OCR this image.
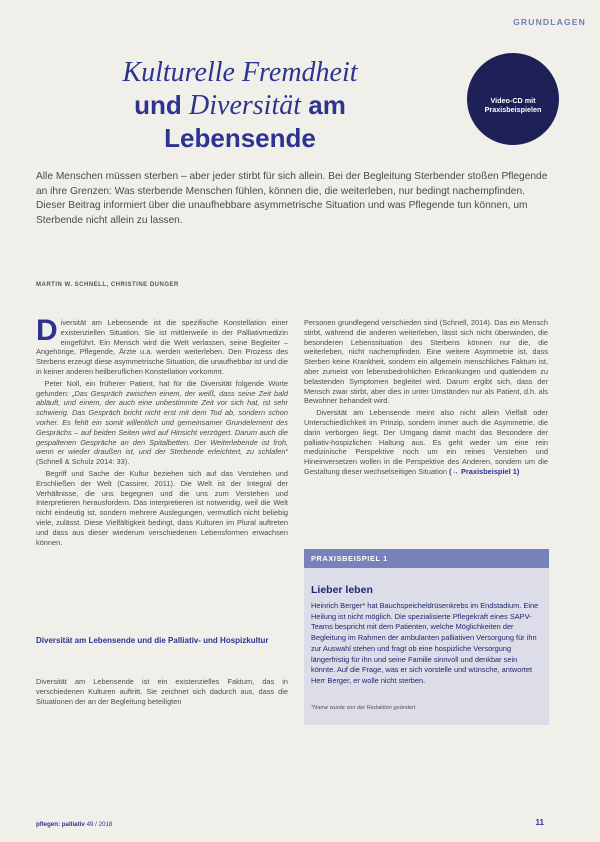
GRUNDLAGEN
Kulturelle Fremdheit
und Diversität am
Lebensende
MATERIAL
Video-CD mit
Praxisbeispielen
Alle Menschen müssen sterben – aber jeder stirbt für sich allein. Bei der Begleitung Sterbender stoßen Pflegende an ihre Grenzen: Was sterbende Menschen fühlen, können die, die weiterleben, nur bedingt nachempfinden. Dieser Beitrag informiert über die unaufhebbare asymmetrische Situation und was Pflegende tun können, um Sterbende nicht allein zu lassen.
MARTIN W. SCHNELL, CHRISTINE DUNGER

Diversität am Lebensende ist die spezifische Konstellation einer existenziellen Situation. Sie ist mittlerweile in der Palliativmedizin eingeführt. Ein Mensch wird die Welt verlassen, seine Begleiter – Angehörige, Pflegende, Ärzte u.a. werden weiterleben. Den Prozess des Sterbens erzeugt diese asymmetrische Situation, die unaufhebbar ist und die in keiner anderen heilberuflichen Konstellation vorkommt.

Peter Noll, ein früherer Patient, hat für die Diversität folgende Worte gefunden: „Das Gespräch zwischen einem, der weiß, dass seine Zeit bald abläuft, und einem, der auch eine unbestimmte Zeit vor sich hat, ist sehr schwierig. Das Gespräch bricht nicht erst mit dem Tod ab, sondern schon vorher. Es fehlt ein somit willentlich und gemeinsamer Grundelement des Gesprächs – auf beiden Seiten wird auf Hinsicht verzögert. Darum auch die gespaltenen Gespräche an den Spitalbetten. Der Weiterlebende ist froh, wenn er wieder draußen ist, und der Sterbende erleichtert, zu schlafen“ (Schnell & Schulz 2014: 33).

Begriff und Sache der Kultur beziehen sich auf das Verstehen und Erschließen der Welt (Cassirer, 2011). Die Welt ist der Integral der Verhältnisse, die uns begegnen und die uns zum Verstehen und Interpretieren herausfordern. Das interpretieren ist notwendig, weil die Welt nicht eindeutig ist, sondern mehrere Auslegungen, vermutlich nicht beliebig viele, zulässt. Diese Vielfältigkeit bedingt, dass Kulturen im Plural auftreten und dass aus dieser wiederum verschiedenen Lebensformen erwachsen können.

Diversität am Lebensende und die Palliativ- und Hospizkultur
Diversität am Lebensende ist ein existenzielles Faktum, das in verschiedenen Kulturen auftritt. Sie zeichnet sich dadurch aus, dass die Situationen der an der Begleitung beteiligten

Personen grundlegend verschieden sind (Schnell, 2014). Das ein Mensch stirbt, während die anderen weiterleben, lässt sich nicht überwinden, die besonderen Lebenssituation des Sterbens können nur die, die weiterleben, nicht nachempfinden. Eine weitere Asymmetrie ist, dass Sterben keine Krankheit, sondern ein allgemein menschliches Faktum ist, aber zumeist von lebensbedrohlichen Erkrankungen und quälendem zu belastenden Symptomen begleitet wird. Darum ergibt sich, dass der Mensch zwar stirbt, aber dies in unter Umständen nur als Patient, d.h. als Bewohner behandelt wird.

Diversität am Lebensende meint also nicht allein Vielfalt oder Unterschiedlichkeit im Prinzip, sondern immer auch die Asymmetrie, die darin verborgen liegt. Der Umgang damit macht das Besondere der palliativ-hospizlichen Haltung aus. Es geht weder um eine rein medizinische Perspektive noch um ein reines Verstehen und Hineinversetzen wollen in die Perspektive des Anderen, sondern um die Gestaltung dieser wechselseitigen Situation (→ Praxisbeispiel 1)

PRAXISBEISPIEL 1
Lieber leben
Heinrich Berger* hat Bauchspeicheldrüsenkrebs im Endstadium. Eine Heilung ist nicht möglich. Die spezialisierte Pflegekraft eines SAPV-Teams bespricht mit dem Patienten, welche Möglichkeiten der Begleitung im Rahmen der ambulanten palliativen Versorgung für ihn zur Auswahl stehen und fragt ob eine hospizliche Versorgung längerfristig für ihn und seine Familie sinnvoll und denkbar sein könnte. Auf die Frage, was er sich vorstelle und wünsche, antwortet Herr Berger, er wolle nicht sterben.
*Name wurde von der Redaktion geändert
pflegen: palliativ 49 / 2018	11
